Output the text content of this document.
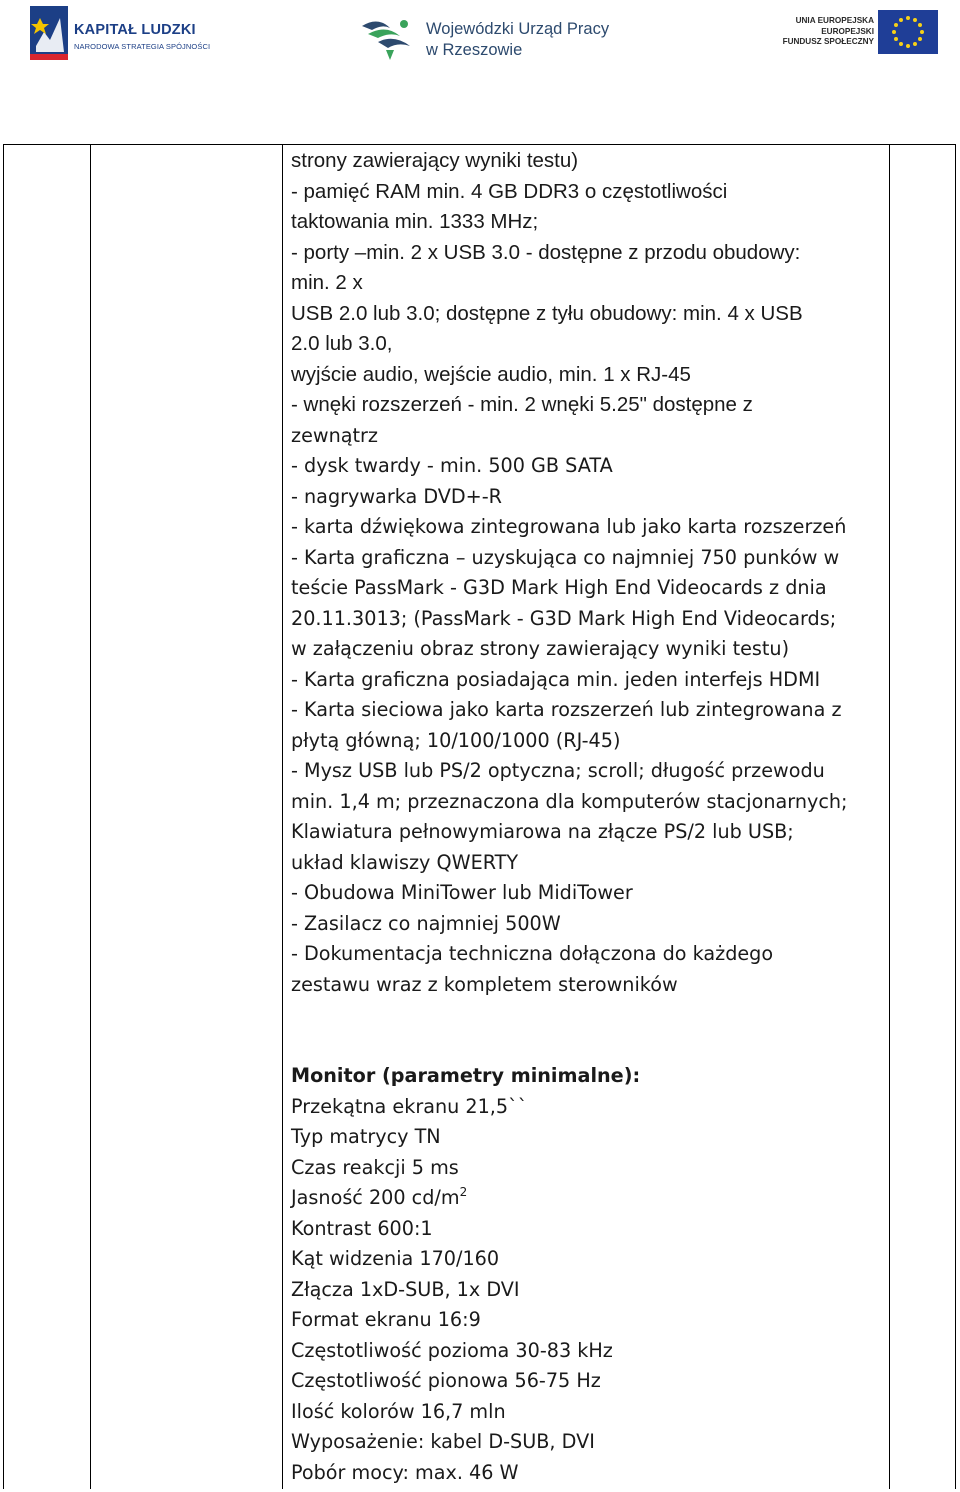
KAPITAŁ LUDZKI
NARODOWA STRATEGIA SPÓJNOŚCI
Wojewódzki Urząd Pracy
w Rzeszowie
UNIA EUROPEJSKA
EUROPEJSKI
FUNDUSZ SPOŁECZNY
strony zawierający wyniki testu)
- pamięć RAM min. 4 GB DDR3 o częstotliwości
taktowania min. 1333 MHz;
- porty –min. 2 x USB 3.0 - dostępne z przodu obudowy:
min. 2 x
USB 2.0 lub 3.0; dostępne z tyłu obudowy: min. 4 x USB
2.0 lub 3.0,
wyjście audio, wejście audio, min. 1 x RJ-45
- wnęki rozszerzeń - min. 2 wnęki 5.25" dostępne z
zewnątrz
- dysk twardy - min. 500 GB SATA
- nagrywarka DVD+-R
- karta dźwiękowa zintegrowana lub jako karta rozszerzeń
- Karta graficzna – uzyskująca co najmniej 750 punków w
teście PassMark - G3D Mark High End Videocards z dnia
20.11.3013; (PassMark - G3D Mark High End Videocards;
w załączeniu obraz strony zawierający wyniki testu)
- Karta graficzna posiadająca min. jeden interfejs HDMI
- Karta sieciowa jako karta rozszerzeń lub zintegrowana z
płytą główną; 10/100/1000 (RJ-45)
- Mysz USB lub PS/2 optyczna; scroll; długość przewodu
min. 1,4 m; przeznaczona dla komputerów stacjonarnych;
Klawiatura pełnowymiarowa na złącze PS/2 lub USB;
układ klawiszy QWERTY
- Obudowa MiniTower lub MidiTower
- Zasilacz co najmniej 500W
- Dokumentacja techniczna dołączona do każdego
zestawu wraz z kompletem sterowników
Monitor (parametry minimalne):
Przekątna ekranu 21,5``
Typ matrycy TN
Czas reakcji 5 ms
Jasność 200 $cd/m^2$
Kontrast 600:1
Kąt widzenia 170/160
Złącza 1xD-SUB, 1x DVI
Format ekranu 16:9
Częstotliwość pozioma 30-83 kHz
Częstotliwość pionowa 56-75 Hz
Ilość kolorów 16,7 mln
Wyposażenie: kabel D-SUB, DVI
Pobór mocy: max. 46 W
